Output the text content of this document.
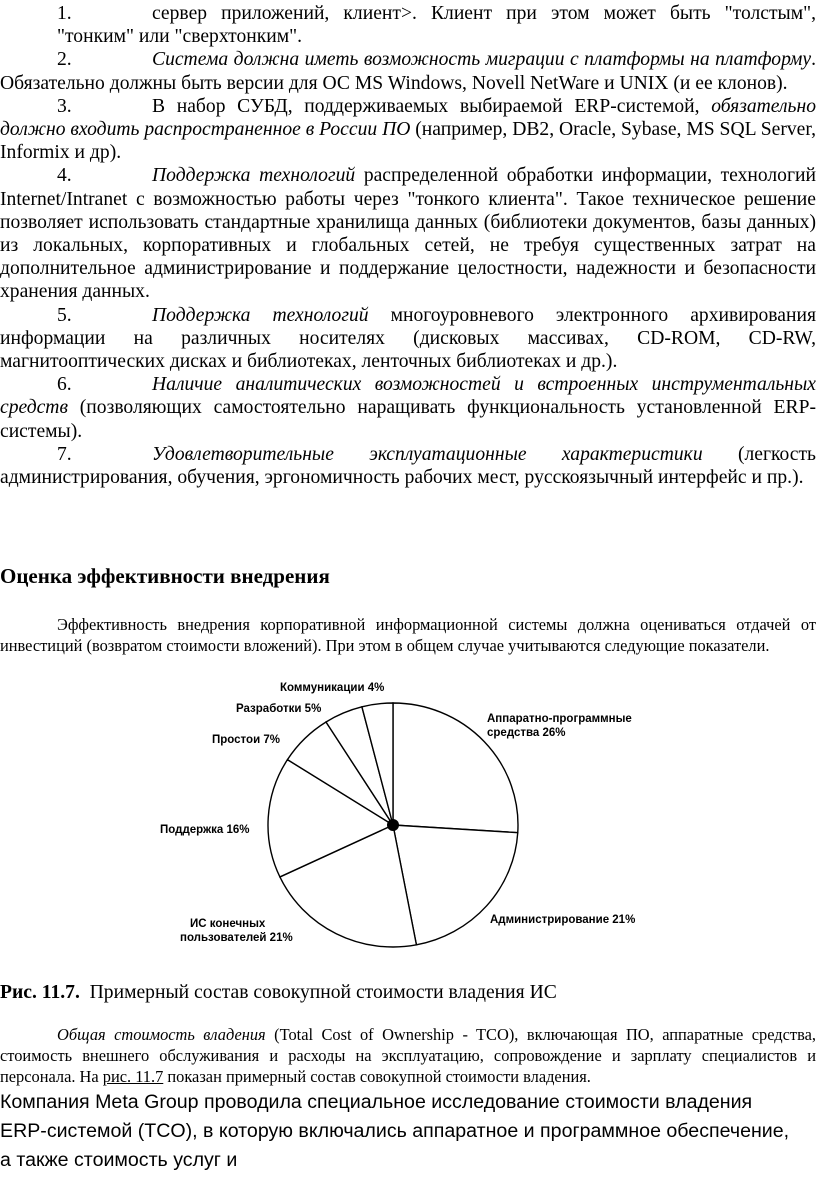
1.	сервер приложений, клиент>. Клиент при этом может быть "толстым", "тонким" или "сверхтонким".

2.	Система должна иметь возможность миграции с платформы на платформу. Обязательно должны быть версии для ОС MS Windows, Novell NetWare и UNIX (и ее клонов).

3.	В набор СУБД, поддерживаемых выбираемой ERP-системой, обязательно должно входить распространенное в России ПО (например, DB2, Oracle, Sybase, MS SQL Server, Informix и др).

4.	Поддержка технологий распределенной обработки информации, технологий Internet/Intranet с возможностью работы через "тонкого клиента". Такое техническое решение позволяет использовать стандартные хранилища данных (библиотеки документов, базы данных) из локальных, корпоративных и глобальных сетей, не требуя существенных затрат на дополнительное администрирование и поддержание целостности, надежности и безопасности хранения данных.

5.	Поддержка технологий многоуровневого электронного архивирования информации на различных носителях (дисковых массивах, CD-ROM, CD-RW, магнитооптических дисках и библиотеках, ленточных библиотеках и др.).

6.	Наличие аналитических возможностей и встроенных инструментальных средств (позволяющих самостоятельно наращивать функциональность установленной ERP-системы).

7.	Удовлетворительные эксплуатационные характеристики (легкость администрирования, обучения, эргономичность рабочих мест, русскоязычный интерфейс и пр.).

Оценка эффективности внедрения

Эффективность внедрения корпоративной информационной системы должна оцениваться отдачей от инвестиций (возвратом стоимости вложений). При этом в общем случае учитываются следующие показатели.

Аппаратно-программные
средства 26%
Администрирование 21%
ИС конечных
пользователей 21%
Поддержка 16%
Простои 7%
Разработки 5%
Коммуникации 4%

Рис. 11.7. Примерный состав совокупной стоимости владения ИС

Общая стоимость владения (Total Cost of Ownership - TCO), включающая ПО, аппаратные средства, стоимость внешнего обслуживания и расходы на эксплуатацию, сопровождение и зарплату специалистов и персонала. На рис. 11.7 показан примерный состав совокупной стоимости владения.

Компания Meta Group проводила специальное исследование стоимости владения ERP-системой (TCO), в которую включались аппаратное и программное обеспечение, а также стоимость услуг и
